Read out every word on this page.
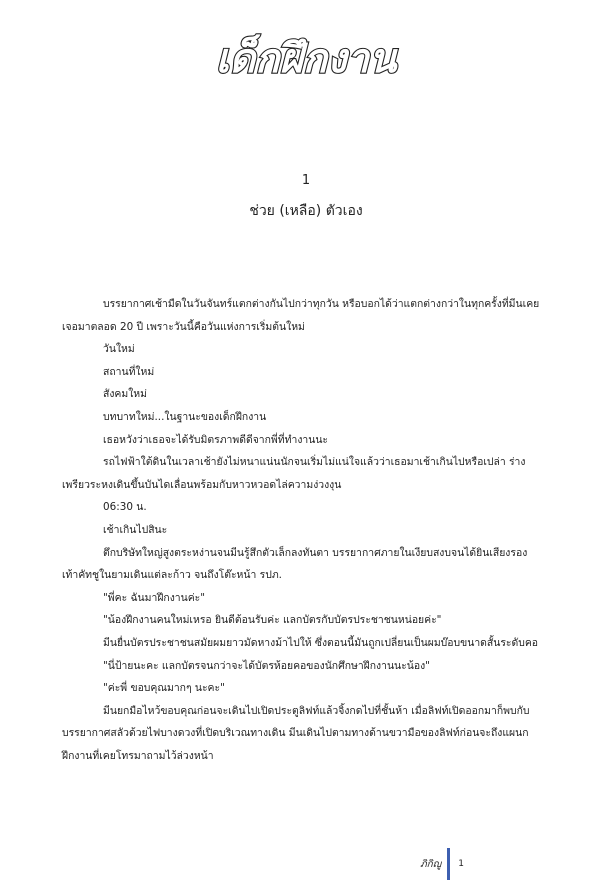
เด็กฝึกงาน
1
ช่วย (เหลือ) ตัวเอง

บรรยากาศเช้ามืดในวันจันทร์แตกต่างกันไปกว่าทุกวัน หรือบอกได้ว่าแตกต่างกว่าในทุกครั้งที่มีนเคยเจอมาตลอด 20 ปี เพราะวันนี้คือวันแห่งการเริ่มต้นใหม่

วันใหม่

สถานที่ใหม่

สังคมใหม่

บทบาทใหม่...ในฐานะของเด็กฝึกงาน

เธอหวังว่าเธอจะได้รับมิตรภาพดีดีจากพี่ที่ทำงานนะ

รถไฟฟ้าใต้ดินในเวลาเช้ายังไม่หนาแน่นนักจนเริ่มไม่แน่ใจแล้วว่าเธอมาเช้าเกินไปหรือเปล่า ร่างเพรียวระหงเดินขึ้นบันไดเลื่อนพร้อมกับหาวหวอดไล่ความง่วงงุน

06:30 น.

เช้าเกินไปสินะ

ตึกบริษัทใหญ่สูงตระหง่านจนมีนรู้สึกตัวเล็กลงทันตา บรรยากาศภายในเงียบสงบจนได้ยินเสียงรองเท้าคัทชูในยามเดินแต่ละก้าว จนถึงโต๊ะหน้า รปภ.

"พี่คะ ฉันมาฝึกงานค่ะ"

"น้องฝึกงานคนใหม่เหรอ ยินดีต้อนรับค่ะ แลกบัตรกับบัตรประชาชนหน่อยค่ะ"

มีนยื่นบัตรประชาชนสมัยผมยาวมัดหางม้าไปให้ ซึ่งตอนนี้มันถูกเปลี่ยนเป็นผมบ๊อบขนาดสั้นระดับคอ

"นี่ป้ายนะคะ แลกบัตรจนกว่าจะได้บัตรห้อยคอของนักศึกษาฝึกงานนะน้อง"

"ค่ะพี่ ขอบคุณมากๆ นะคะ"

มีนยกมือไหว้ขอบคุณก่อนจะเดินไปเปิดประตูลิฟท์แล้วจิ้งกดไปที่ชั้นห้า เมื่อลิฟท์เปิดออกมาก็พบกับบรรยากาศสลัวด้วยไฟบางดวงที่เปิดบริเวณทางเดิน มีนเดินไปตามทางด้านขวามือของลิฟท์ก่อนจะถึงแผนกฝึกงานที่เคยโทรมาถามไว้ล่วงหน้า

ภิกิญู 1
